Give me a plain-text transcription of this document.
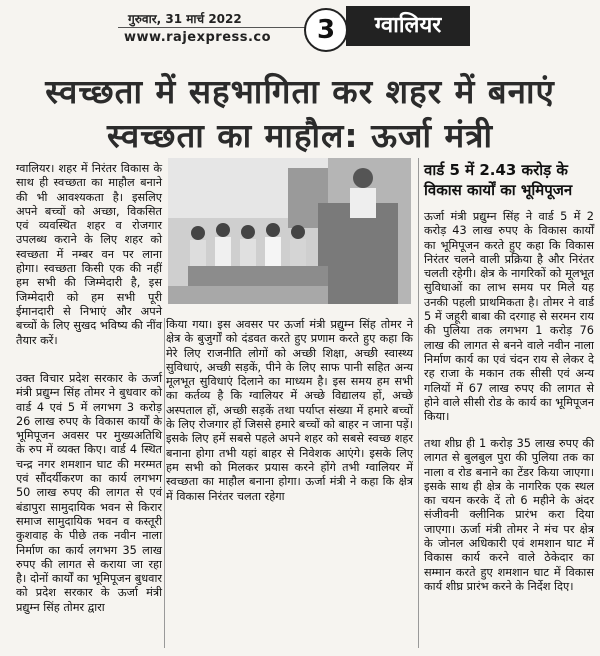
गुरुवार, 31 मार्च 2022
www.rajexpress.co	3	ग्वालियर
स्वच्छता में सहभागिता कर शहर में बनाएं
स्वच्छता का माहौल: ऊर्जा मंत्री
वार्ड 5 में 2.43 करोड़ के विकास कार्यों का भूमिपूजन

ग्वालियर। शहर में निरंतर विकास के साथ ही स्वच्छता का माहौल बनाने की भी आवश्यकता है। इसलिए अपने बच्चों को अच्छा, विकसित एवं व्यवस्थित शहर व रोजगार उपलब्ध कराने के लिए शहर को स्वच्छता में नम्बर वन पर लाना होगा। स्वच्छता किसी एक की नहीं हम सभी की जिम्मेदारी है, इस जिम्मेदारी को हम सभी पूरी ईमानदारी से निभाएं और अपने बच्चों के लिए सुखद भविष्य की नींव तैयार करें।

उक्त विचार प्रदेश सरकार के ऊर्जा मंत्री प्रद्युम्न सिंह तोमर ने बुधवार को वार्ड 4 एवं 5 में लगभग 3 करोड़ 26 लाख रुपए के विकास कार्यों के भूमिपूजन अवसर पर मुख्यअतिथि के रुप में व्यक्त किए। वार्ड 4 स्थित चन्द्र नगर शमशान घाट की मरम्मत एवं सौंदर्यीकरण का कार्य लगभग 50 लाख रुपए की लागत से एवं बंडापुरा सामुदायिक भवन से किरार समाज सामुदायिक भवन व कस्तूरी कुशवाह के पीछे तक नवीन नाला निर्माण का कार्य लगभग 35 लाख रुपए की लागत से कराया जा रहा है। दोनों कार्यों का भूमिपूजन बुधवार को प्रदेश सरकार के ऊर्जा मंत्री प्रद्युम्न सिंह तोमर द्वारा

किया गया। इस अवसर पर ऊर्जा मंत्री प्रद्युम्न सिंह तोमर ने क्षेत्र के बुजुर्गों को दंडवत करते हुए प्रणाम करते हुए कहा कि मेरे लिए राजनीति लोगों को अच्छी शिक्षा, अच्छी स्वास्थ्य सुविधाएं, अच्छी सड़कें, पीने के लिए साफ पानी सहित अन्य मूलभूत सुविधाएं दिलाने का माध्यम है। इस समय हम सभी का कर्तव्य है कि ग्वालियर में अच्छे विद्यालय हों, अच्छे अस्पताल हों, अच्छी सड़कें तथा पर्याप्त संख्या में हमारे बच्चों के लिए रोजगार हों जिससे हमारे बच्चों को बाहर न जाना पड़ें। इसके लिए हमें सबसे पहले अपने शहर को सबसे स्वच्छ शहर बनाना होगा तभी यहां बाहर से निवेशक आएंगे। इसके लिए हम सभी को मिलकर प्रयास करने होंगे तभी ग्वालियर में स्वच्छता का माहौल बनाना होगा। ऊर्जा मंत्री ने कहा कि क्षेत्र में विकास निरंतर चलता रहेगा

ऊर्जा मंत्री प्रद्युम्न सिंह ने वार्ड 5 में 2 करोड़ 43 लाख रुपए के विकास कार्यों का भूमिपूजन करते हुए कहा कि विकास निरंतर चलने वाली प्रक्रिया है और निरंतर चलती रहेगी। क्षेत्र के नागरिकों को मूलभूत सुविधाओं का लाभ समय पर मिले यह उनकी पहली प्राथमिकता है। तोमर ने वार्ड 5 में जहूरी बाबा की दरगाह से सरमन राय की पुलिया तक लगभग 1 करोड़ 76 लाख की लागत से बनने वाले नवीन नाला निर्माण कार्य का एवं चंदन राय से लेकर दे रह राजा के मकान तक सीसी एवं अन्य गलियों में 67 लाख रुपए की लागत से होने वाले सीसी रोड के कार्य का भूमिपूजन किया।

तथा शीघ्र ही 1 करोड़ 35 लाख रुपए की लागत से बुलबुल पुरा की पुलिया तक का नाला व रोड बनाने का टेंडर किया जाएगा। इसके साथ ही क्षेत्र के नागरिक एक स्थल का चयन करके दें तो 6 महीने के अंदर संजीवनी क्लीनिक प्रारंभ करा दिया जाएगा। ऊर्जा मंत्री तोमर ने मंच पर क्षेत्र के जोनल अधिकारी एवं शमशान घाट में विकास कार्य करने वाले ठेकेदार का सम्मान करते हुए शमशान घाट में विकास कार्य शीघ्र प्रारंभ करने के निर्देश दिए।
